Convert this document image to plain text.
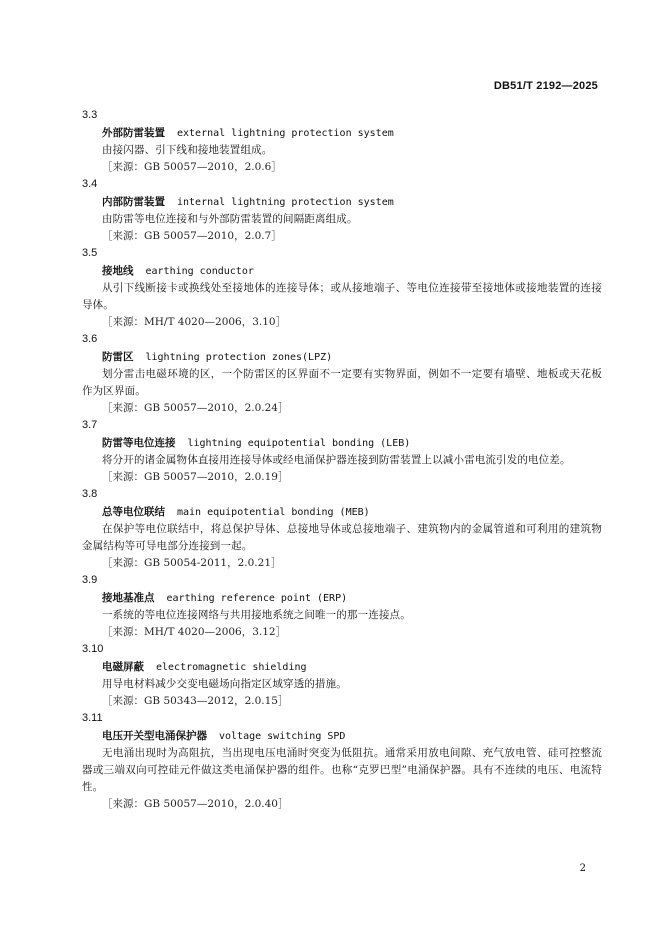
DB51/T 2192—2025
3.3
外部防雷装置 external lightning protection system
由接闪器、引下线和接地装置组成。
［来源：GB 50057—2010，2.0.6］
3.4
内部防雷装置 internal lightning protection system
由防雷等电位连接和与外部防雷装置的间隔距离组成。
［来源：GB 50057—2010，2.0.7］
3.5
接地线 earthing conductor
从引下线断接卡或换线处至接地体的连接导体；或从接地端子、等电位连接带至接地体或接地装置的连接导体。
［来源：MH/T 4020—2006，3.10］
3.6
防雷区 lightning protection zones(LPZ)
划分雷击电磁环境的区，一个防雷区的区界面不一定要有实物界面，例如不一定要有墙壁、地板或天花板作为区界面。
［来源：GB 50057—2010，2.0.24］
3.7
防雷等电位连接 lightning equipotential bonding (LEB)
将分开的诸金属物体直接用连接导体或经电涌保护器连接到防雷装置上以减小雷电流引发的电位差。
［来源：GB 50057—2010，2.0.19］
3.8
总等电位联结 main equipotential bonding (MEB)
在保护等电位联结中，将总保护导体、总接地导体或总接地端子、建筑物内的金属管道和可利用的建筑物金属结构等可导电部分连接到一起。
［来源：GB 50054-2011，2.0.21］
3.9
接地基准点 earthing reference point (ERP)
一系统的等电位连接网络与共用接地系统之间唯一的那一连接点。
［来源：MH/T 4020—2006，3.12］
3.10
电磁屏蔽 electromagnetic shielding
用导电材料减少交变电磁场向指定区域穿透的措施。
［来源：GB 50343—2012，2.0.15］
3.11
电压开关型电涌保护器 voltage switching SPD
无电涌出现时为高阻抗，当出现电压电涌时突变为低阻抗。通常采用放电间隙、充气放电管、硅可控整流器或三端双向可控硅元件做这类电涌保护器的组件。也称“克罗巴型”电涌保护器。具有不连续的电压、电流特性。
［来源：GB 50057—2010，2.0.40］
2
